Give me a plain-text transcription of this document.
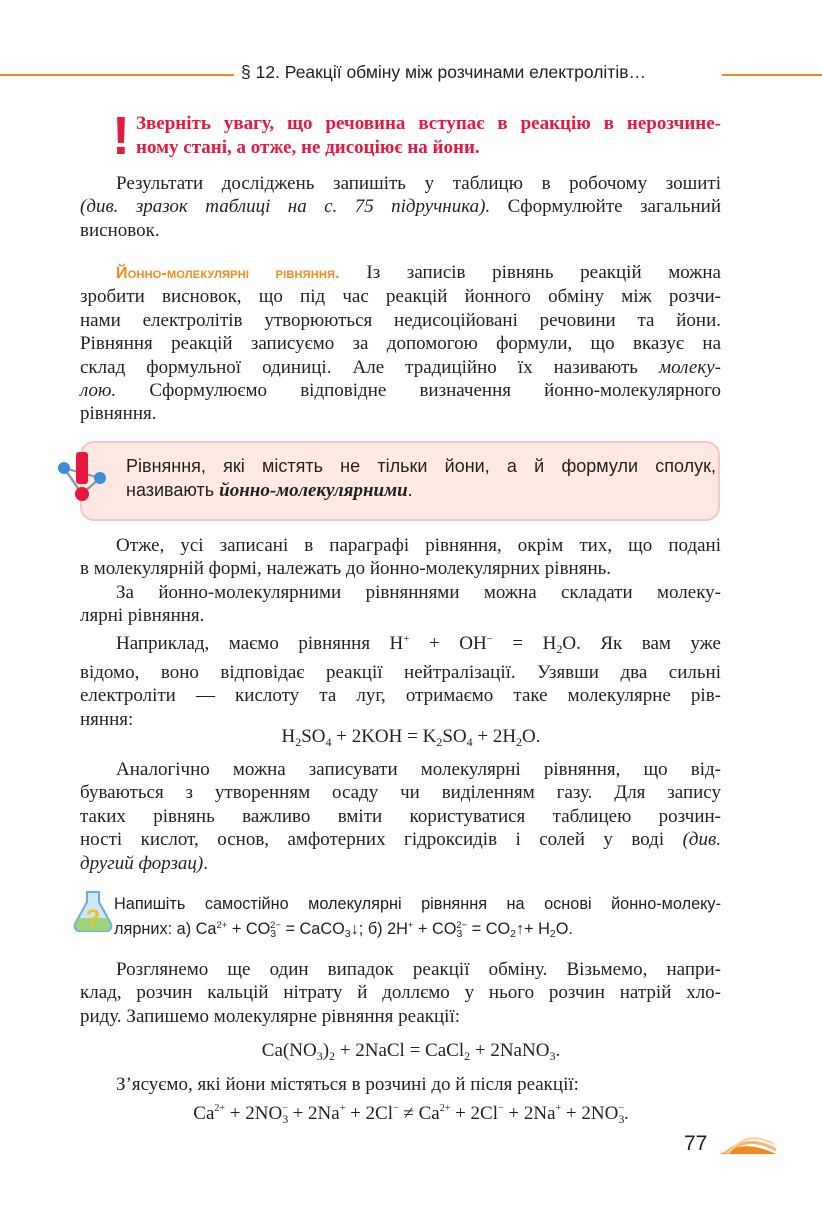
§ 12. Реакції обміну між розчинами електролітів…
! Зверніть увагу, що речовина вступає в реакцію в нерозчине-
ному стані, а отже, не дисоціює на йони.
Результати досліджень запишіть у таблицю в робочому зошиті
(див. зразок таблиці на с. 75 підручника). Сформулюйте загальний
висновок.
Йонно-молекулярні рівняння. Із записів рівнянь реакцій можна
зробити висновок, що під час реакцій йонного обміну між розчи-
нами електролітів утворюються недисоційовані речовини та йони.
Рівняння реакцій записуємо за допомогою формули, що вказує на
склад формульної одиниці. Але традиційно їх називають молеку-
лою. Сформулюємо відповідне визначення йонно-молекулярного
рівняння.
Рівняння, які містять не тільки йони, а й формули сполук,
називають йонно-молекулярними.
Отже, усі записані в параграфі рівняння, окрім тих, що подані
в молекулярній формі, належать до йонно-молекулярних рівнянь.
За йонно-молекулярними рівняннями можна складати молеку-
лярні рівняння.
Наприклад, маємо рівняння $H^+ + OH^- = H_2O$. Як вам уже
відомо, воно відповідає реакції нейтралізації. Узявши два сильні
електроліти — кислоту та луг, отримаємо таке молекулярне рів-
няння:
$H_2SO_4 + 2KOH = K_2SO_4 + 2H_2O$.
Аналогічно можна записувати молекулярні рівняння, що від-
буваються з утворенням осаду чи виділенням газу. Для запису
таких рівнянь важливо вміти користуватися таблицею розчин-
ності кислот, основ, амфотерних гідроксидів і солей у воді (див.
другий форзац).
?
Напишіть самостійно молекулярні рівняння на основі йонно-молеку-
лярних: а) $Ca^{2+} + CO_3^{2-}$ = CaCO$_3$↓; б) $2H^+ + CO_3^{2-}$ = $CO_2↑+ H_2O$.
Розглянемо ще один випадок реакції обміну. Візьмемо, напри-
клад, розчин кальцій нітрату й доллємо у нього розчин натрій хло-
риду. Запишемо молекулярне рівняння реакції:
$Ca(NO_3)_2$ + 2NaCl = CaCl$_2$ + 2NaNO$_3$.
З’ясуємо, які йони містяться в розчині до й після реакції:
$Ca^{2+} + 2NO_3^- + 2Na^+ + 2Cl^- \ne Ca^{2+} + 2Cl^- + 2Na^+ + 2NO_3^-$.
77
